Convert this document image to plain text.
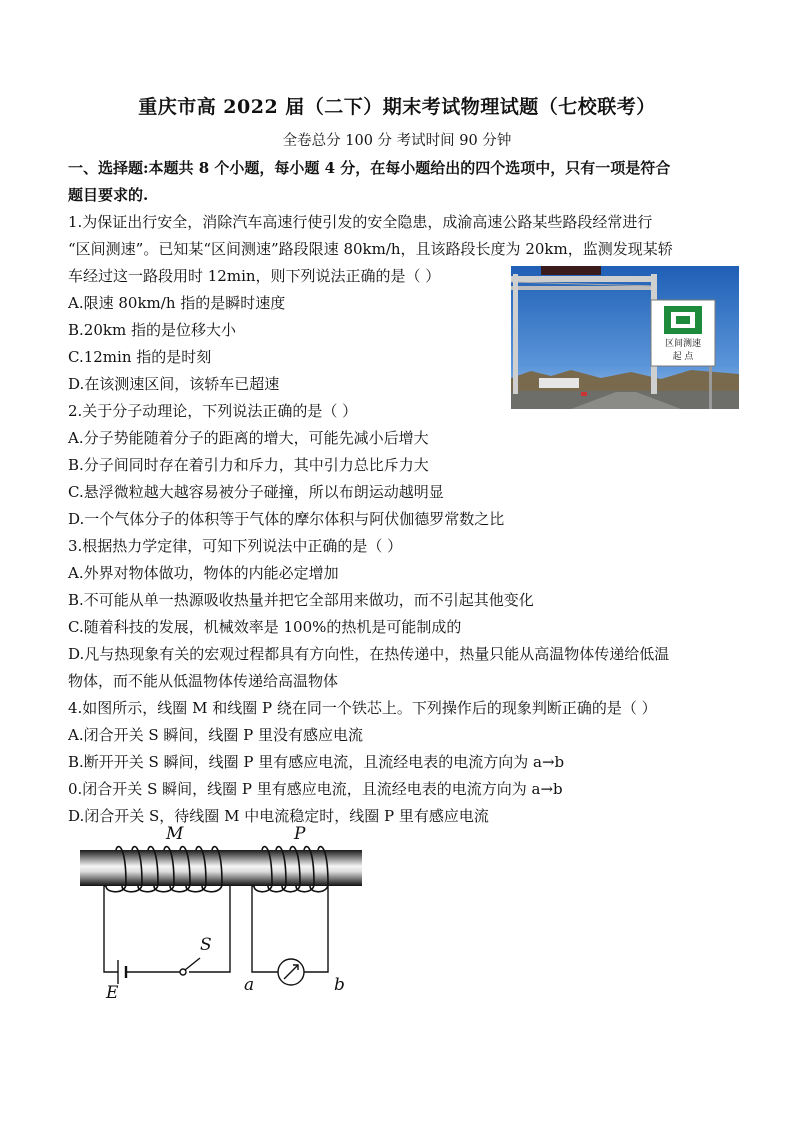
重庆市高 2022 届（二下）期末考试物理试题（七校联考）
全卷总分 100 分 考试时间 90 分钟
一、选择题:本题共 8 个小题，每小题 4 分，在每小题给出的四个选项中，只有一项是符合
题目要求的.
1.为保证出行安全，消除汽车高速行使引发的安全隐患，成渝高速公路某些路段经常进行
“区间测速”。已知某“区间测速”路段限速 80km/h，且该路段长度为 20km，监测发现某轿
车经过这一路段用时 12min，则下列说法正确的是（ ）
A.限速 80km/h 指的是瞬时速度
B.20km 指的是位移大小
C.12min 指的是时刻
D.在该测速区间，该轿车已超速
区间测速
起 点
2.关于分子动理论，下列说法正确的是（ ）
A.分子势能随着分子的距离的增大，可能先减小后增大
B.分子间同时存在着引力和斥力，其中引力总比斥力大
C.悬浮微粒越大越容易被分子碰撞，所以布朗运动越明显
D.一个气体分子的体积等于气体的摩尔体积与阿伏伽德罗常数之比
3.根据热力学定律，可知下列说法中正确的是（ ）
A.外界对物体做功，物体的内能必定增加
B.不可能从单一热源吸收热量并把它全部用来做功，而不引起其他变化
C.随着科技的发展，机械效率是 100%的热机是可能制成的
D.凡与热现象有关的宏观过程都具有方向性，在热传递中，热量只能从高温物体传递给低温
物体，而不能从低温物体传递给高温物体
4.如图所示，线圈 M 和线圈 P 绕在同一个铁芯上。下列操作后的现象判断正确的是（ ）
A.闭合开关 S 瞬间，线圈 P 里没有感应电流
B.断开开关 S 瞬间，线圈 P 里有感应电流，且流经电表的电流方向为 a→b
0.闭合开关 S 瞬间，线圈 P 里有感应电流，且流经电表的电流方向为 a→b
D.闭合开关 S，待线圈 M 中电流稳定时，线圈 P 里有感应电流
M	P
S
E	a	b
